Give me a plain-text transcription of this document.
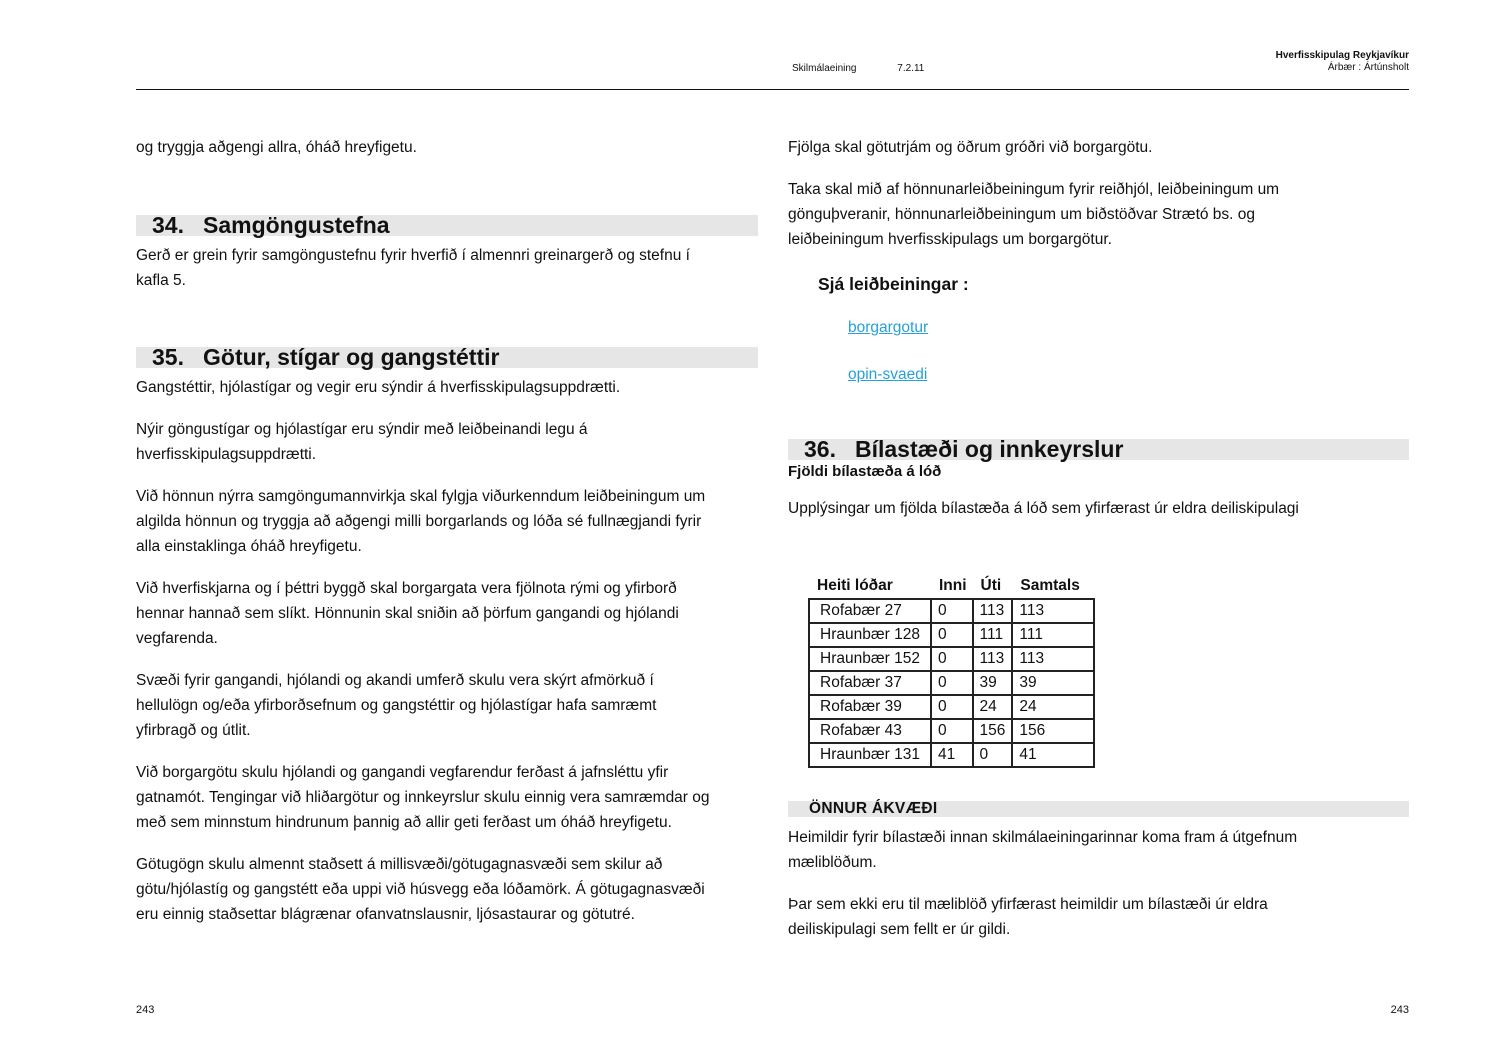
Skilmálaeining	7.2.11
Hverfisskipulag Reykjavíkur
Árbær : Ártúnsholt

og tryggja aðgengi allra, óháð hreyfigetu.

34. Samgöngustefna

Gerð er grein fyrir samgöngustefnu fyrir hverfið í almennri greinargerð og stefnu í kafla 5.

35. Götur, stígar og gangstéttir

Gangstéttir, hjólastígar og vegir eru sýndir á hverfisskipulagsuppdrætti.

Nýir göngustígar og hjólastígar eru sýndir með leiðbeinandi legu á hverfisskipulagsuppdrætti.

Við hönnun nýrra samgöngumannvirkja skal fylgja viðurkenndum leiðbeiningum um algilda hönnun og tryggja að aðgengi milli borgarlands og lóða sé fullnægjandi fyrir alla einstaklinga óháð hreyfigetu.

Við hverfiskjarna og í þéttri byggð skal borgargata vera fjölnota rými og yfirborð hennar hannað sem slíkt. Hönnunin skal sniðin að þörfum gangandi og hjólandi vegfarenda.

Svæði fyrir gangandi, hjólandi og akandi umferð skulu vera skýrt afmörkuð í hellulögn og/eða yfirborðsefnum og gangstéttir og hjólastígar hafa samræmt yfirbragð og útlit.

Við borgargötu skulu hjólandi og gangandi vegfarendur ferðast á jafnsléttu yfir gatnamót. Tengingar við hliðargötur og innkeyrslur skulu einnig vera samræmdar og með sem minnstum hindrunum þannig að allir geti ferðast um óháð hreyfigetu.

Götugögn skulu almennt staðsett á millisvæði/götugagnasvæði sem skilur að götu/hjólastíg og gangstétt eða uppi við húsvegg eða lóðamörk. Á götugagnasvæði eru einnig staðsettar blágrænar ofanvatnslausnir, ljósastaurar og götutré.

Fjölga skal götutrjám og öðrum gróðri við borgargötu.

Taka skal mið af hönnunarleiðbeiningum fyrir reiðhjól, leiðbeiningum um gönguþveranir, hönnunarleiðbeiningum um biðstöðvar Strætó bs. og leiðbeiningum hverfisskipulags um borgargötur.

Sjá leiðbeiningar :
borgargotur
opin-svaedi
36. Bílastæði og innkeyrslur
Fjöldi bílastæða á lóð

Upplýsingar um fjölda bílastæða á lóð sem yfirfærast úr eldra deiliskipulagi

Heiti lóðar	Inni	Úti	Samtals
Rofabær 27	0	113	113
Hraunbær 128	0	111	111
Hraunbær 152	0	113	113
Rofabær 37	0	39	39
Rofabær 39	0	24	24
Rofabær 43	0	156	156
Hraunbær 131	41	0	41
ÖNNUR ÁKVÆÐI

Heimildir fyrir bílastæði innan skilmálaeiningarinnar koma fram á útgefnum mæliblöðum.

Þar sem ekki eru til mæliblöð yfirfærast heimildir um bílastæði úr eldra deiliskipulagi sem fellt er úr gildi.

243	243
